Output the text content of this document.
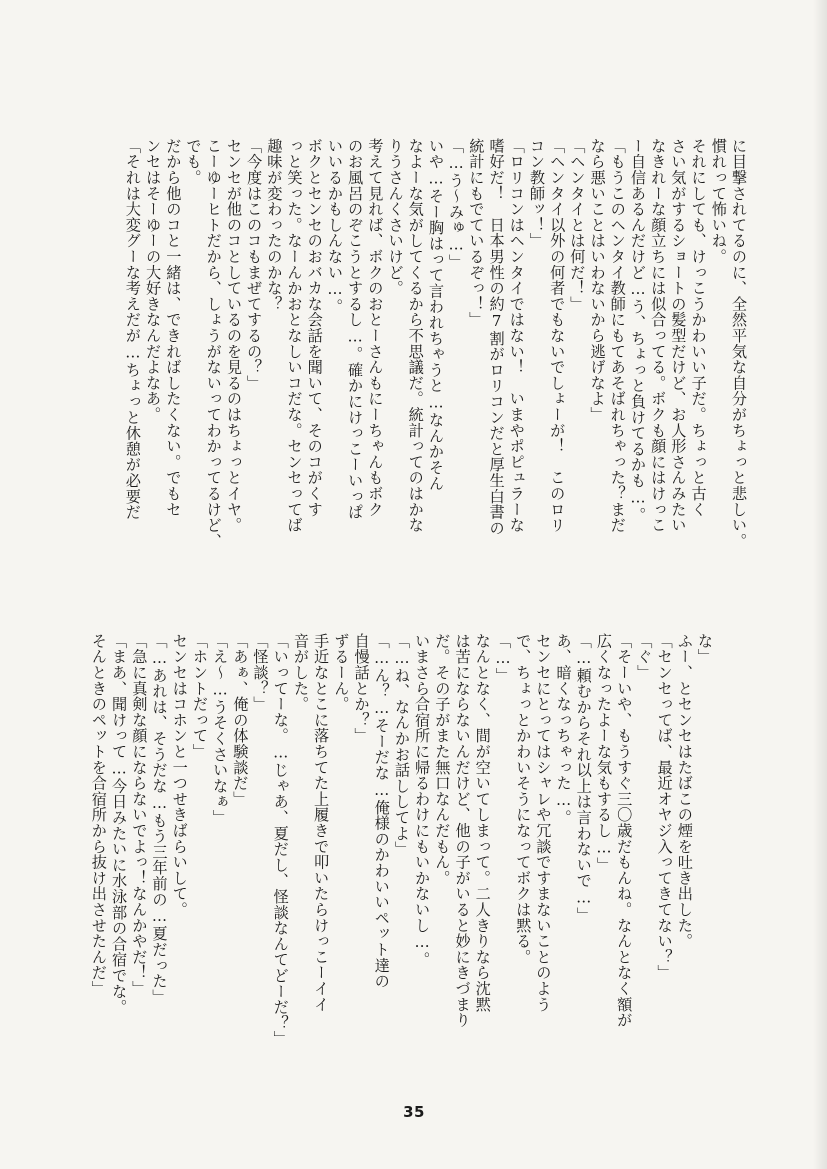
に目撃されてるのに、全然平気な自分がちょっと悲しい。
慣れって怖いね。
それにしても、けっこうかわいい子だ。ちょっと古く
さい気がするショートの髪型だけど、お人形さんみたい
なきれーな顔立ちには似合ってる。ボクも顔にはけっこ
ー自信あるんだけど…う、ちょっと負けてるかも…。
「もうこのヘンタイ教師にもてあそばれちゃった？まだ
なら悪いことはいわないから逃げなよ」
「ヘンタイとは何だ！」
「ヘンタイ以外の何者でもないでしょーが！　このロリ
コン教師ッ！」
「ロリコンはヘンタイではない！　いまやポピュラーな
嗜好だ！　日本男性の約7割がロリコンだと厚生白書の
統計にもでているぞっ！」
「…う〜みゅ…」
いや…そー胸はって言われちゃうと…なんかそん
なよーな気がしてくるから不思議だ。統計ってのはかな
りうさんくさいけど。
考えて見れば、ボクのおとーさんもにーちゃんもボク
のお風呂のぞこうとするし…。確かにけっこーいっぱ
いいるかもしんない…。
ボクとセンセのおバカな会話を聞いて、そのコがくす
っと笑った。なーんかおとなしいコだな。センセってば
趣味が変わったのかな？
「今度はこのコもまぜてするの？」
センセが他のコとしているのを見るのはちょっとイヤ。
こーゆーヒトだから、しょうがないってわかってるけど、
でも。
だから他のコと一緒は、できればしたくない。でもセ
ンセはそーゆーの大好きなんだよなあ。
「それは大変グーな考えだが…ちょっと休憩が必要だ
な」
ふー、とセンセはたばこの煙を吐き出した。
「センセってば、最近オヤジ入ってきてない？」
「ぐ」
「そーいや、もうすぐ三〇歳だもんね。なんとなく額が
広くなったよーな気もするし…」
「…頼むからそれ以上は言わないで…」
あ、暗くなっちゃった…。
センセにとってはシャレや冗談ですまないことのよう
で、ちょっとかわいそうになってボクは黙る。
「…」
なんとなく、間が空いてしまって。二人きりなら沈黙
は苦にならないんだけど、他の子がいると妙にきづまり
だ。その子がまた無口なんだもん。
いまさら合宿所に帰るわけにもいかないし…。
「…ね、なんかお話ししてよ」
「…ん？…そーだな…俺様のかわいいペット達の
自慢話とか？」
ずるーん。
手近なとこに落ちてた上履きで叩いたらけっこーイイ
音がした。
「いってーな。…じゃあ、夏だし、怪談なんてどーだ？」
「怪談？」
「あぁ、俺の体験談だ」
「え〜…うそくさいなぁ」
「ホントだって」
センセはコホンと一つせきばらいして。
「…あれは、そうだな…もう三年前の…夏だった」
「急に真剣な顔にならないでよっ！なんかやだ！」
「まあ、聞けって…今日みたいに水泳部の合宿でな。
そんときのペットを合宿所から抜け出させたんだ」
35
